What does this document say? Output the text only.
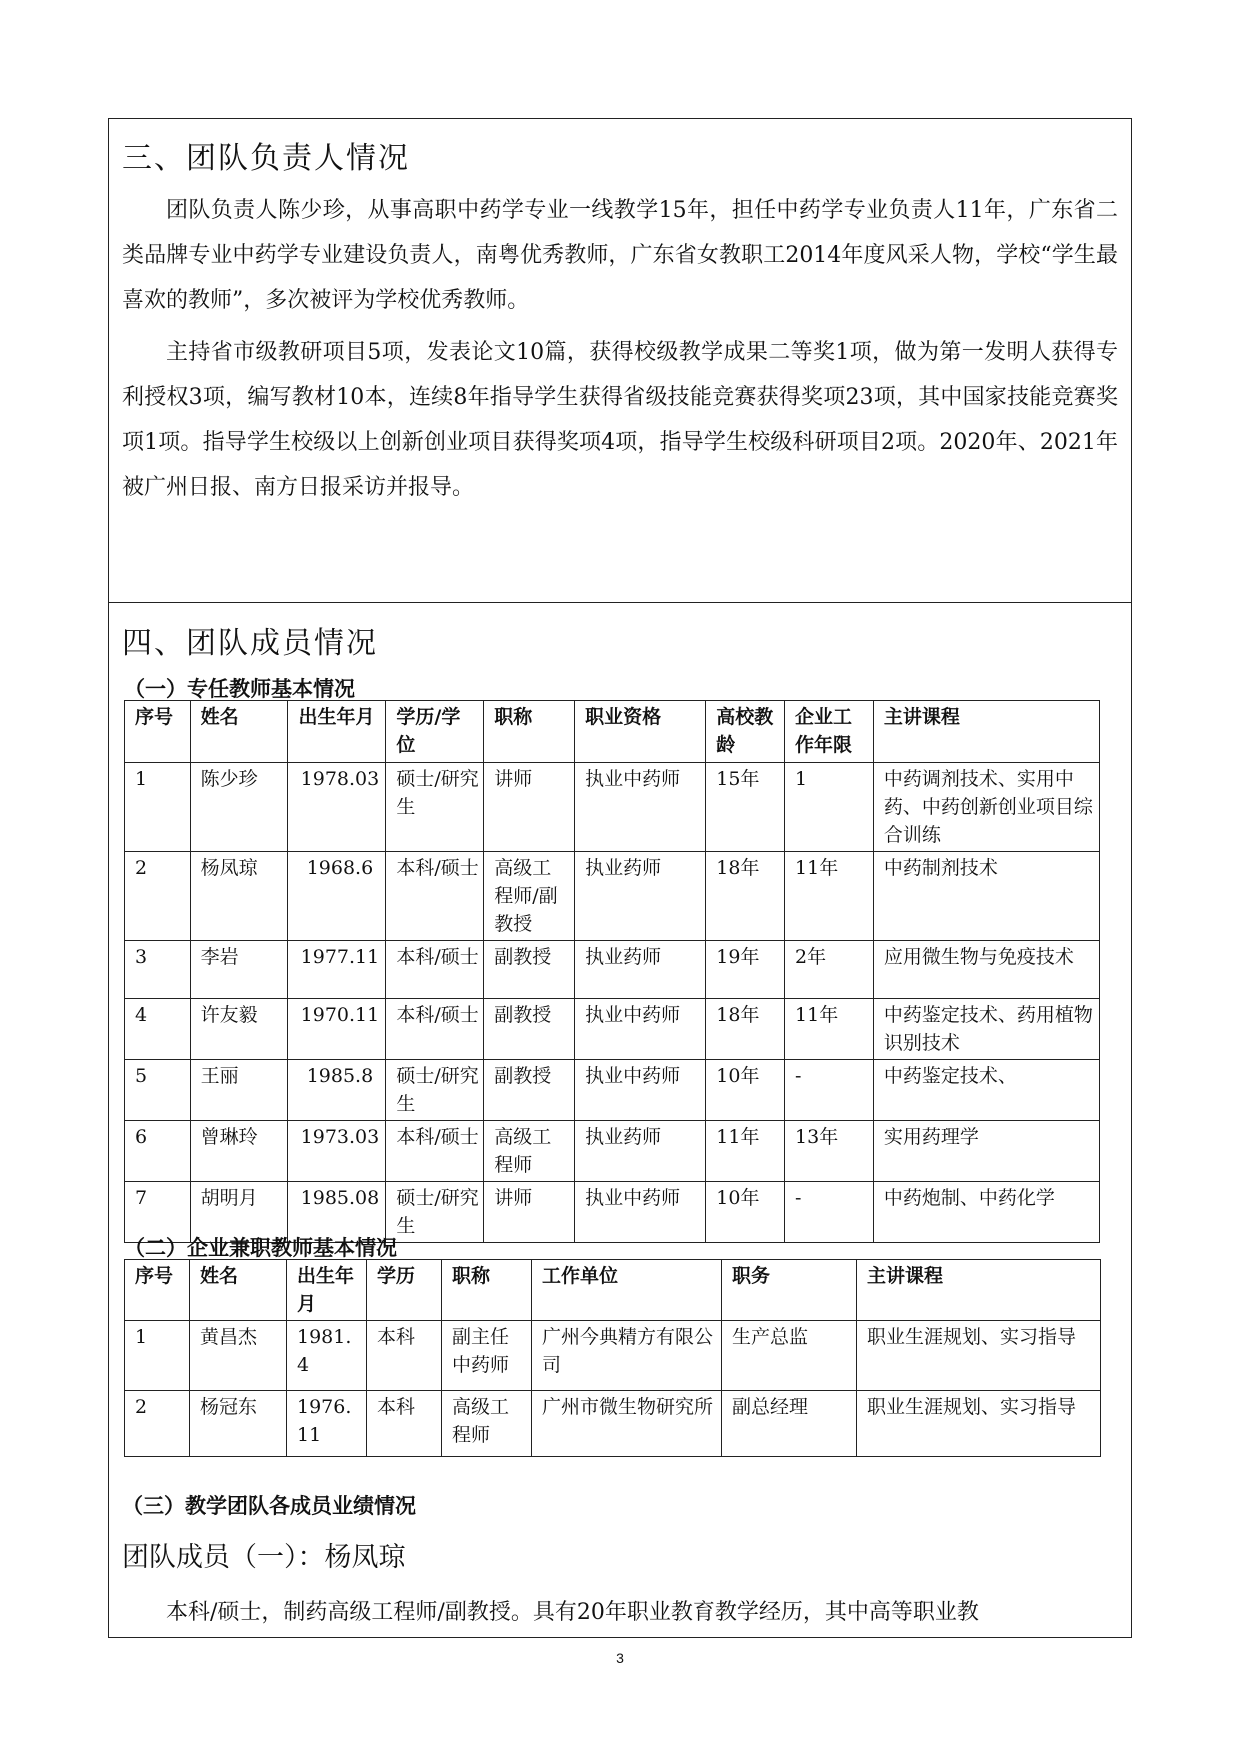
三、团队负责人情况

团队负责人陈少珍，从事高职中药学专业一线教学15年，担任中药学专业负责人11年，广东省二类品牌专业中药学专业建设负责人，南粤优秀教师，广东省女教职工2014年度风采人物，学校“学生最喜欢的教师”，多次被评为学校优秀教师。

主持省市级教研项目5项，发表论文10篇，获得校级教学成果二等奖1项，做为第一发明人获得专利授权3项，编写教材10本，连续8年指导学生获得省级技能竞赛获得奖项23项，其中国家技能竞赛奖项1项。指导学生校级以上创新创业项目获得奖项4项，指导学生校级科研项目2项。2020年、2021年被广州日报、南方日报采访并报导。

四、团队成员情况
（一）专任教师基本情况
序号	姓名	出生年月	学历/学位	职称	职业资格	高校教龄	企业工作年限	主讲课程
1	陈少珍	1978.03	硕士/研究生	讲师	执业中药师	15年	1	中药调剂技术、实用中药、中药创新创业项目综合训练
2	杨凤琼	1968.6	本科/硕士	高级工程师/副教授	执业药师	18年	11年	中药制剂技术
3	李岩	1977.11	本科/硕士	副教授	执业药师	19年	2年	应用微生物与免疫技术
4	许友毅	1970.11	本科/硕士	副教授	执业中药师	18年	11年	中药鉴定技术、药用植物识别技术
5	王丽	1985.8	硕士/研究生	副教授	执业中药师	10年	-	中药鉴定技术、
6	曾琳玲	1973.03	本科/硕士	高级工程师	执业药师	11年	13年	实用药理学
7	胡明月	1985.08	硕士/研究生	讲师	执业中药师	10年	-	中药炮制、中药化学
（二）企业兼职教师基本情况
序号	姓名	出生年月	学历	职称	工作单位	职务	主讲课程
1	黄昌杰	1981.4	本科	副主任中药师	广州今典精方有限公司	生产总监	职业生涯规划、实习指导
2	杨冠东	1976.11	本科	高级工程师	广州市微生物研究所	副总经理	职业生涯规划、实习指导
（三）教学团队各成员业绩情况
团队成员（一）：杨凤琼

本科/硕士，制药高级工程师/副教授。具有20年职业教育教学经历，其中高等职业教

3
